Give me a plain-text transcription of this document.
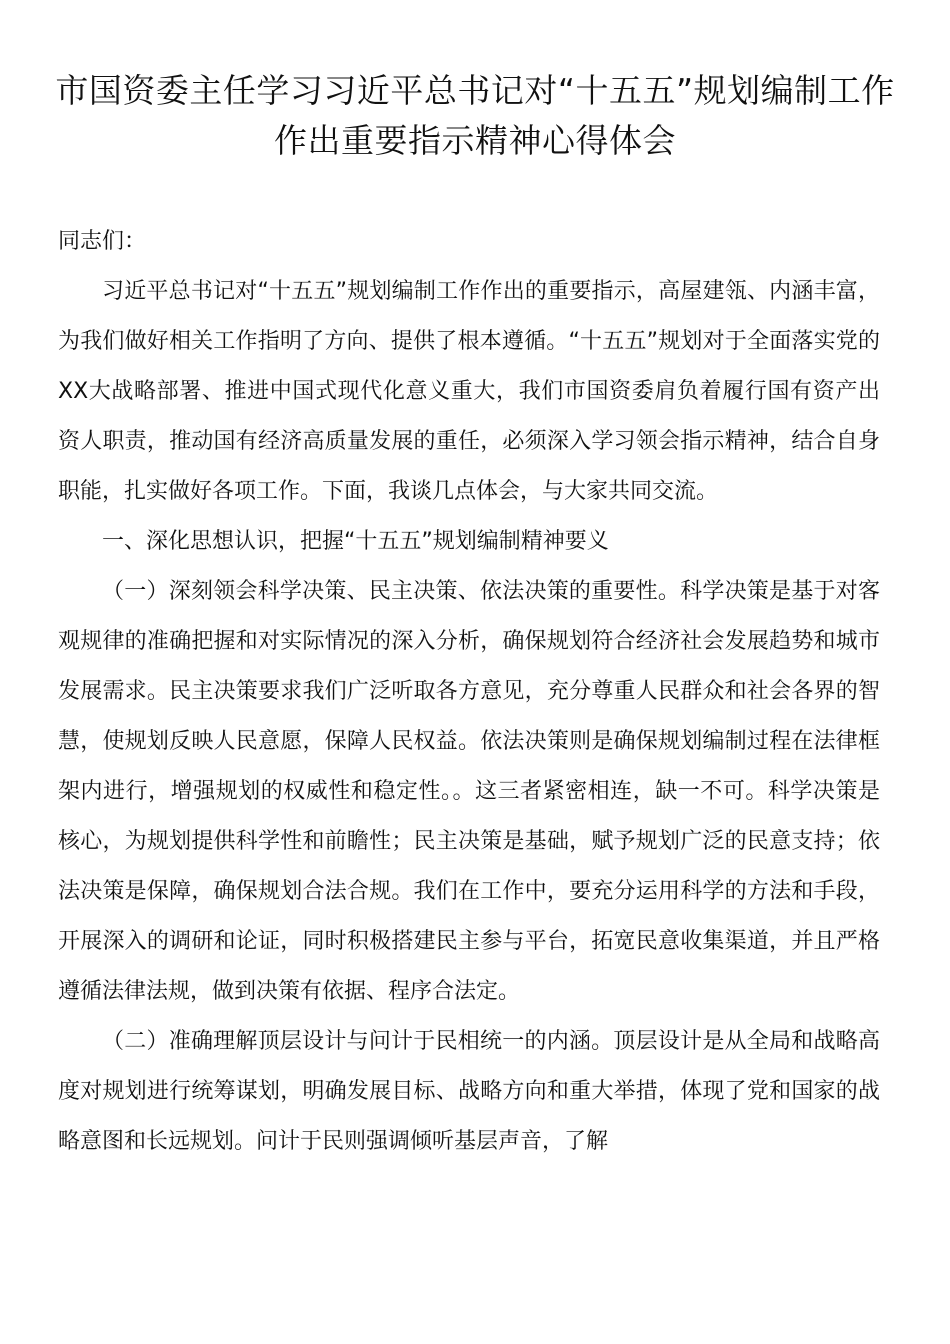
市国资委主任学习习近平总书记对“十五五”规划编制工作作出重要指示精神心得体会

同志们：

习近平总书记对“十五五”规划编制工作作出的重要指示，高屋建瓴、内涵丰富，为我们做好相关工作指明了方向、提供了根本遵循。“十五五”规划对于全面落实党的XX大战略部署、推进中国式现代化意义重大，我们市国资委肩负着履行国有资产出资人职责，推动国有经济高质量发展的重任，必须深入学习领会指示精神，结合自身职能，扎实做好各项工作。下面，我谈几点体会，与大家共同交流。

一、深化思想认识，把握“十五五”规划编制精神要义

（一）深刻领会科学决策、民主决策、依法决策的重要性。科学决策是基于对客观规律的准确把握和对实际情况的深入分析，确保规划符合经济社会发展趋势和城市发展需求。民主决策要求我们广泛听取各方意见，充分尊重人民群众和社会各界的智慧，使规划反映人民意愿，保障人民权益。依法决策则是确保规划编制过程在法律框架内进行，增强规划的权威性和稳定性。。这三者紧密相连，缺一不可。科学决策是核心，为规划提供科学性和前瞻性；民主决策是基础，赋予规划广泛的民意支持；依法决策是保障，确保规划合法合规。我们在工作中，要充分运用科学的方法和手段，开展深入的调研和论证，同时积极搭建民主参与平台，拓宽民意收集渠道，并且严格遵循法律法规，做到决策有依据、程序合法定。

（二）准确理解顶层设计与问计于民相统一的内涵。顶层设计是从全局和战略高度对规划进行统筹谋划，明确发展目标、战略方向和重大举措，体现了党和国家的战略意图和长远规划。问计于民则强调倾听基层声音，了解
